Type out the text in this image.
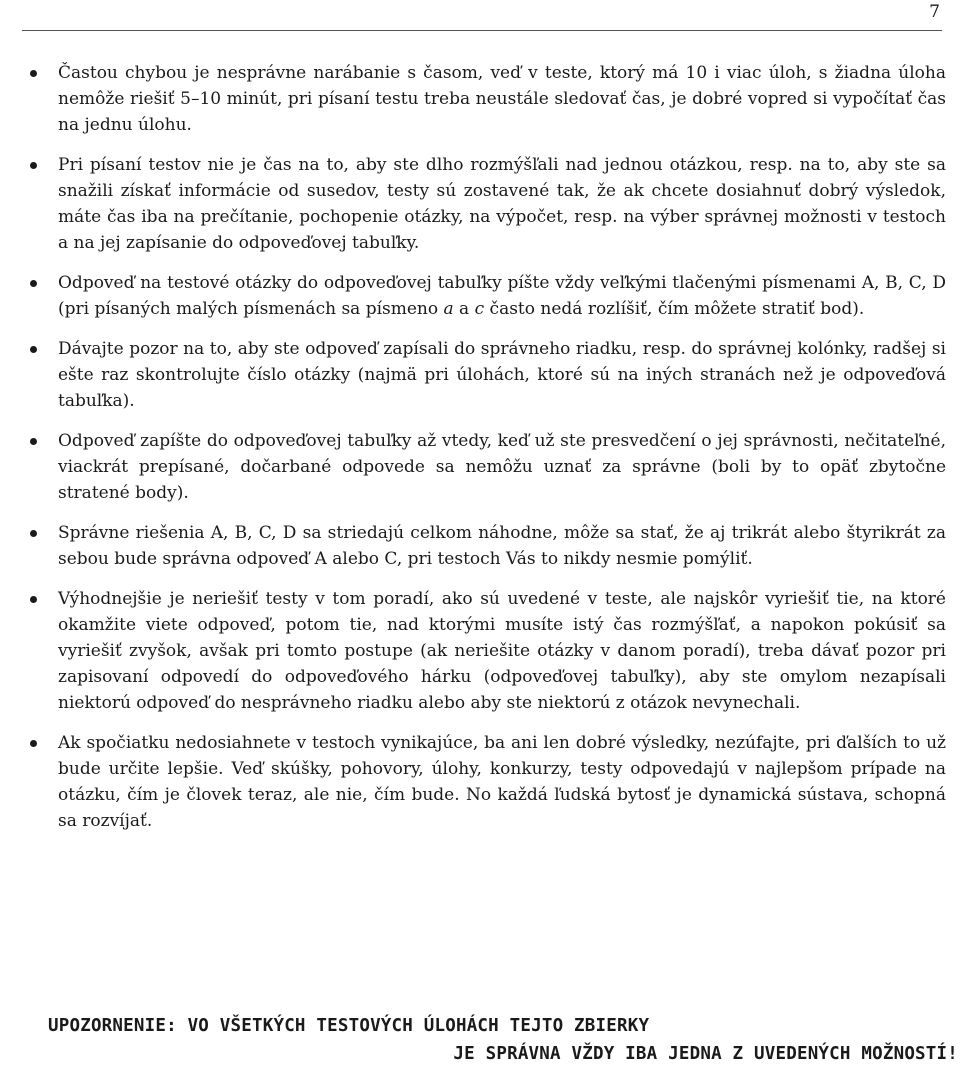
7
Častou chybou je nesprávne narábanie s časom, veď v teste, ktorý má 10 i viac úloh, s žiadna úloha nemôže riešiť 5–10 minút, pri písaní testu treba neustále sledovať čas, je dobré vopred si vypočítať čas na jednu úlohu.
Pri písaní testov nie je čas na to, aby ste dlho rozmýšľali nad jednou otázkou, resp. na to, aby ste sa snažili získať informácie od susedov, testy sú zostavené tak, že ak chcete dosiahnuť dobrý výsledok, máte čas iba na prečítanie, pochopenie otázky, na výpočet, resp. na výber správnej možnosti v testoch a na jej zapísanie do odpoveďovej tabuľky.
Odpoveď na testové otázky do odpoveďovej tabuľky píšte vždy veľkými tlačenými písmenami A, B, C, D (pri písaných malých písmenách sa písmeno a a c často nedá rozlíšiť, čím môžete stratiť bod).
Dávajte pozor na to, aby ste odpoveď zapísali do správneho riadku, resp. do správnej kolónky, radšej si ešte raz skontrolujte číslo otázky (najmä pri úlohách, ktoré sú na iných stranách než je odpoveďová tabuľka).
Odpoveď zapíšte do odpoveďovej tabuľky až vtedy, keď už ste presvedčení o jej správnosti, nečitateľné, viackrát prepísané, dočarbané odpovede sa nemôžu uznať za správne (boli by to opäť zbytočne stratené body).
Správne riešenia A, B, C, D sa striedajú celkom náhodne, môže sa stať, že aj trikrát alebo štyrikrát za sebou bude správna odpoveď A alebo C, pri testoch Vás to nikdy nesmie pomýliť.
Výhodnejšie je neriešiť testy v tom poradí, ako sú uvedené v teste, ale najskôr vyriešiť tie, na ktoré okamžite viete odpoveď, potom tie, nad ktorými musíte istý čas rozmýšľať, a napokon pokúsiť sa vyriešiť zvyšok, avšak pri tomto postupe (ak neriešite otázky v danom poradí), treba dávať pozor pri zapisovaní odpovedí do odpoveďového hárku (odpoveďovej tabuľky), aby ste omylom nezapísali niektorú odpoveď do nesprávneho riadku alebo aby ste niektorú z otázok nevynechali.
Ak spočiatku nedosiahnete v testoch vynikajúce, ba ani len dobré výsledky, nezúfajte, pri ďalších to už bude určite lepšie. Veď skúšky, pohovory, úlohy, konkurzy, testy odpovedajú v najlepšom prípade na otázku, čím je človek teraz, ale nie, čím bude. No každá ľudská bytosť je dynamická sústava, schopná sa rozvíjať.
UPOZORNENIE: VO VŠETKÝCH TESTOVÝCH ÚLOHÁCH TEJTO ZBIERKY
JE SPRÁVNA VŽDY IBA JEDNA Z UVEDENÝCH MOŽNOSTÍ!
